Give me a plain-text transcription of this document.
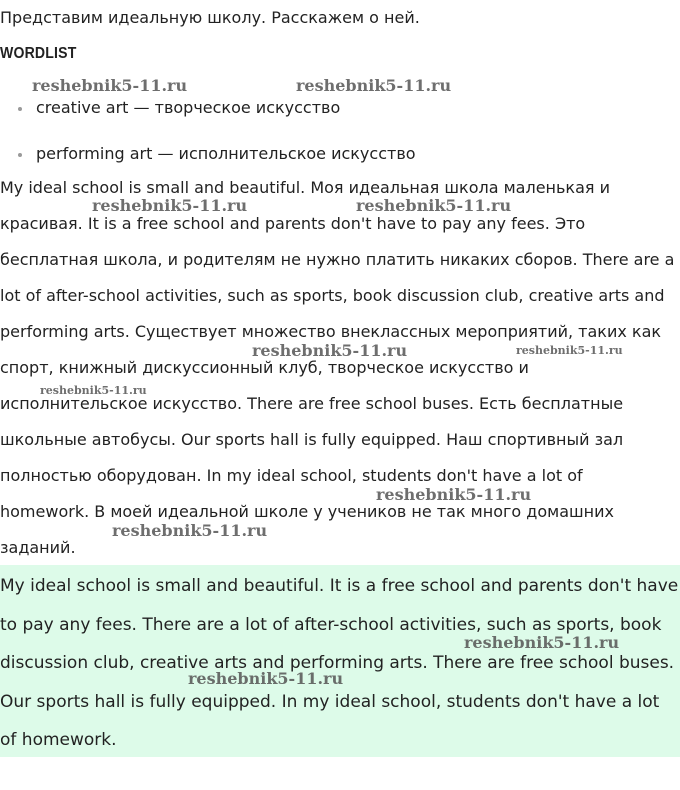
Представим идеальную школу. Расскажем о ней.
WORDLIST
creative art — творческое искусство
performing art — исполнительское искусство

My ideal school is small and beautiful. Моя идеальная школа маленькая и красивая. It is a free school and parents don't have to pay any fees. Это бесплатная школа, и родителям не нужно платить никаких сборов. There are a lot of after-school activities, such as sports, book discussion club, creative arts and performing arts. Существует множество внеклассных мероприятий, таких как спорт, книжный дискуссионный клуб, творческое искусство и исполнительское искусство. There are free school buses. Есть бесплатные школьные автобусы. Our sports hall is fully equipped. Наш спортивный зал полностью оборудован. In my ideal school, students don't have a lot of homework. В моей идеальной школе у учеников не так много домашних заданий.

My ideal school is small and beautiful. It is a free school and parents don't have to pay any fees. There are a lot of after-school activities, such as sports, book discussion club, creative arts and performing arts. There are free school buses. Our sports hall is fully equipped. In my ideal school, students don't have a lot of homework.

reshebnik5-11.ru	reshebnik5-11.ru
reshebnik5-11.ru	reshebnik5-11.ru
reshebnik5-11.ru	reshebnik5-11.ru
reshebnik5-11.ru
reshebnik5-11.ru
reshebnik5-11.ru
reshebnik5-11.ru
reshebnik5-11.ru
